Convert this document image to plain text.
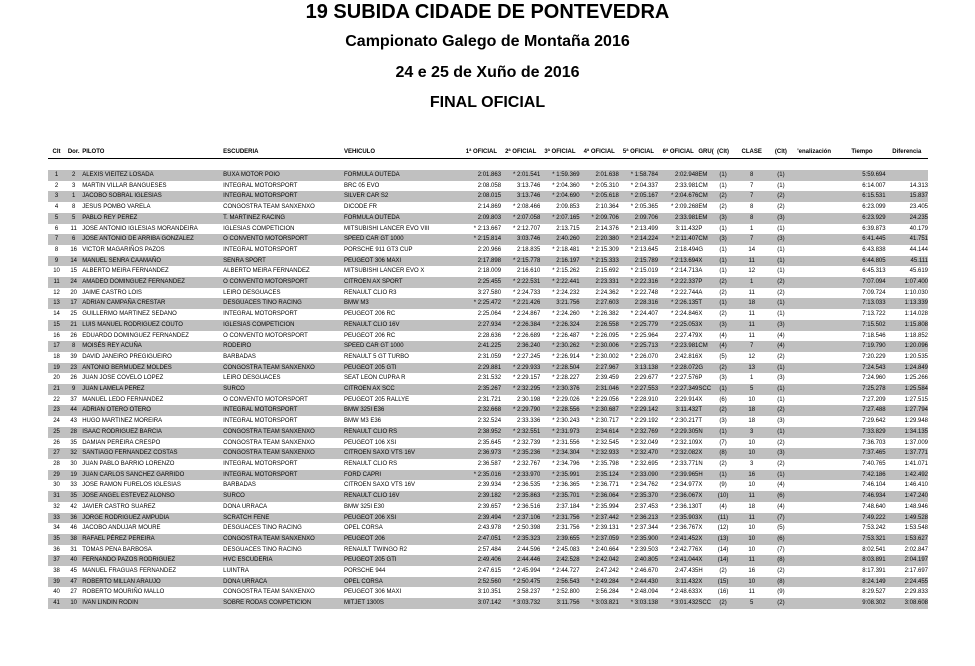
19 SUBIDA CIDADE DE PONTEVEDRA
Campionato Galego de Montaña 2016
24 e 25 de Xuño de 2016
FINAL OFICIAL
Clt	Dor.	PILOTO	ESCUDERIA	VEHICULO	1ª OFICIAL	2ª OFICIAL	3ª OFICIAL	4ª OFICIAL	5ª OFICIAL	6ª OFICIAL	GRU(	(Clt)	CLASE	(Clt)	'enalización	Tiempo	Diferencia

1	2	ALEXIS VIEITEZ LOSADA	BUXA MOTOR POIO	FORMULA OUTEDA	2:01.863	* 2:01.541	* 1:59.369	2:01.638	* 1:58.784	2:02.948	EM	(1)	8	(1)		5:59.694	
2	3	MARTIN VILLAR BANGUESES	INTEGRAL MOTORSPORT	BRC 05 EVO	2:08.058	3:13.746	* 2:04.360	* 2:05.310	* 2:04.337	2:33.981	CM	(1)	7	(1)		6:14.007	14.313
3	1	JACOBO SOBRAL IGLESIAS	INTEGRAL MOTORSPORT	SILVER CAR S2	2:08.015	3:13.746	* 2:04.690	* 2:05.618	* 2:05.167	* 2:04.676	CM	(2)	7	(2)		6:15.531	15.837
4	8	JESUS POMBO VARELA	CONGOSTRA TEAM SANXENXO	DICODE FR	2:14.869	* 2:08.466	2:09.853	2:10.364	* 2:05.365	* 2:09.268	EM	(2)	8	(2)		6:23.099	23.405
5	5	PABLO REY PEREZ	T. MARTINEZ RACING	FORMULA OUTEDA	2:09.803	* 2:07.058	* 2:07.165	* 2:09.706	2:09.706	2:33.981	EM	(3)	8	(3)		6:23.929	24.235
6	11	JOSE ANTONIO IGLESIAS MORANDEIRA	IGLESIAS COMPETICION	MITSUBISHI LANCER EVO VIII	* 2:13.667	* 2:12.707	2:13.715	2:14.376	* 2:13.499	3:11.432	P	(1)	1	(1)		6:39.873	40.179
7	6	JOSE ANTONIO DE ARRIBA GONZALEZ	O CONVENTO MOTORSPORT	SPEED CAR GT 1000	* 2:15.814	3:03.746	2:40.260	2:20.380	* 2:14.224	* 2:11.407	CM	(3)	7	(3)		6:41.445	41.751
8	16	VICTOR MAGARIÑOS PAZOS	INTEGRAL MOTORSPORT	PORSCHE 911 GT3 CUP	2:20.966	2:18.835	* 2:18.481	* 2:15.309	* 2:13.645	2:18.494	G	(1)	14	(1)		6:43.838	44.144
9	14	MANUEL SENRA CAAMAÑO	SENRA SPORT	PEUGEOT 306 MAXI	2:17.898	* 2:15.778	2:16.197	* 2:15.333	2:15.789	* 2:13.694	X	(1)	11	(1)		6:44.805	45.111
10	15	ALBERTO MEIRA FERNANDEZ	ALBERTO MEIRA FERNANDEZ	MITSUBISHI LANCER EVO X	2:18.009	2:16.610	* 2:15.262	2:15.692	* 2:15.019	* 2:14.713	A	(1)	12	(1)		6:45.313	45.619
11	24	AMADEO DOMINGUEZ FERNANDEZ	O CONVENTO MOTORSPORT	CITROEN AX SPORT	2:25.455	* 2:22.531	* 2:22.441	2:23.331	* 2:22.316	* 2:22.337	P	(2)	1	(2)		7:07.094	1:07.400
12	20	JAIME CASTRO LOIS	LEIRO DESGUACES	RENAULT CLIO R3	3:27.580	* 2:24.733	* 2:24.232	2:24.362	* 2:22.748	* 2:22.744	A	(2)	11	(2)		7:09.724	1:10.030
13	17	ADRIAN CAMPAÑA CRESTAR	DESGUACES TINO RACING	BMW M3	* 2:25.472	* 2:21.426	3:21.756	2:27.603	2:28.316	* 2:26.135	T	(1)	18	(1)		7:13.033	1:13.339
14	25	GUILLERMO MARTINEZ SEDANO	INTEGRAL MOTORSPORT	PEUGEOT 206 RC	2:25.064	* 2:24.867	* 2:24.260	* 2:26.382	* 2:24.407	* 2:24.846	X	(2)	11	(1)		7:13.722	1:14.028
15	21	LUIS MANUEL RODRIGUEZ COUTO	IGLESIAS COMPETICION	RENAULT CLIO 16V	2:27.934	* 2:26.384	* 2:26.324	2:26.558	* 2:25.779	* 2:25.053	X	(3)	11	(3)		7:15.502	1:15.808
16	26	EDUARDO DOMINGUEZ FERNANDEZ	O CONVENTO MOTORSPORT	PEUGEOT 206 RC	2:28.636	* 2:26.689	* 2:26.487	* 2:26.095	* 2:25.964	2:27.479	X	(4)	11	(4)		7:18.546	1:18.852
17	8	MOISÉS REY ACUÑA	RODEIRO	SPEED CAR GT 1000	2:41.225	2:36.240	* 2:30.262	* 2:30.006	* 2:25.713	* 2:23.981	CM	(4)	7	(4)		7:19.790	1:20.096
18	39	DAVID JANEIRO PREGIGUEIRO	BARBADAS	RENAULT 5 GT TURBO	2:31.059	* 2:27.245	* 2:26.914	* 2:30.002	* 2:26.070	2:42.816	X	(5)	12	(2)		7:20.229	1:20.535
19	23	ANTONIO BERMUDEZ MOLDES	CONGOSTRA TEAM SANXENXO	PEUGEOT 205 GTI	2:29.881	* 2:29.933	* 2:28.504	2:27.967	3:13.138	* 2:28.072	G	(2)	13	(1)		7:24.543	1:24.849
20	26	JUAN JOSE COVELO LOPEZ	LEIRO DESGUACES	SEAT LEON CUPRA R	2:31.532	* 2:29.157	* 2:28.227	2:39.459	2:29.677	* 2:27.576	P	(3)	1	(3)		7:24.960	1:25.266
21	9	JUAN LAMELA PEREZ	SURCO	CITROEN AX SCC	2:35.267	* 2:32.295	* 2:30.376	2:31.046	* 2:27.553	* 2:27.349	SCC	(1)	5	(1)		7:25.278	1:25.584
22	37	MANUEL LEDO FERNANDEZ	O CONVENTO MOTORSPORT	PEUGEOT 205 RALLYE	2:31.721	2:30.198	* 2:29.026	* 2:29.056	* 2:28.910	2:29.914	X	(6)	10	(1)		7:27.209	1:27.515
23	44	ADRIAN OTERO OTERO	INTEGRAL MOTORSPORT	BMW 325I E36	2:32.668	* 2:29.790	* 2:28.556	* 2:30.687	* 2:29.142	3:11.432	T	(2)	18	(2)		7:27.488	1:27.794
24	43	HUGO MARTINEZ MOREIRA	INTEGRAL MOTORSPORT	BMW M3 E36	2:32.524	2:33.336	* 2:30.243	* 2:30.717	* 2:29.192	* 2:30.217	T	(3)	18	(3)		7:29.642	1:29.948
25	28	ISAAC RODRIGUEZ BARCIA	CONGOSTRA TEAM SANXENXO	RENAULT CLIO RS	2:38.952	* 2:32.551	* 2:31.973	2:34.614	* 2:32.769	* 2:29.305	N	(1)	3	(1)		7:33.829	1:34.135
26	35	DAMIAN PEREIRA CRESPO	CONGOSTRA TEAM SANXENXO	PEUGEOT 106 XSI	2:35.645	* 2:32.739	* 2:31.556	* 2:32.545	* 2:32.049	* 2:32.109	X	(7)	10	(2)		7:36.703	1:37.009
27	32	SANTIAGO FERNANDEZ COSTAS	CONGOSTRA TEAM SANXENXO	CITROEN SAXO VTS 16V	2:36.973	* 2:35.236	* 2:34.304	* 2:32.933	* 2:32.470	* 2:32.082	X	(8)	10	(3)		7:37.465	1:37.771
28	30	JUAN PABLO BARRIO LORENZO	INTEGRAL MOTORSPORT	RENAULT CLIO RS	2:36.587	* 2:32.767	* 2:34.796	* 2:35.798	* 2:32.695	* 2:33.771	N	(2)	3	(2)		7:40.765	1:41.071
29	19	JUAN CARLOS SANCHEZ GARRIDO	INTEGRAL MOTORSPORT	FORD CAPRI	* 2:35.016	* 2:33.970	* 2:35.991	2:35.124	* 2:33.090	* 2:39.965	H	(1)	16	(1)		7:42.186	1:42.492
30	33	JOSE RAMON FURELOS IGLESIAS	BARBADAS	CITROEN SAXO VTS 16V	2:39.934	* 2:36.535	* 2:36.365	* 2:36.771	* 2:34.762	* 2:34.977	X	(9)	10	(4)		7:46.104	1:46.410
31	35	JOSE ANGEL ESTEVEZ ALONSO	SURCO	RENAULT CLIO 16V	2:39.182	* 2:35.863	* 2:35.701	* 2:36.064	* 2:35.370	* 2:36.067	X	(10)	11	(6)		7:46.934	1:47.240
32	42	JAVIER CASTRO SUAREZ	DONA URRACA	BMW 325I E30	2:39.657	* 2:36.516	2:37.184	* 2:35.994	2:37.453	* 2:36.130	T	(4)	18	(4)		7:48.640	1:48.946
33	36	JORGE RODRIGUEZ AMPUDIA	SCRATCH FENE	PEUGEOT 206 XSI	2:39.494	* 2:37.106	* 2:31.756	* 2:37.442	* 2:36.213	* 2:35.903	X	(11)	11	(7)		7:49.222	1:49.528
34	46	JACOBO ANDUJAR MOURE	DESGUACES TINO RACING	OPEL CORSA	2:43.978	* 2:50.398	2:31.756	* 2:39.131	* 2:37.344	* 2:36.767	X	(12)	10	(5)		7:53.242	1:53.548
35	38	RAFAEL PÉREZ PEREIRA	CONGOSTRA TEAM SANXENXO	PEUGEOT 206	2:47.051	* 2:35.323	2:39.655	* 2:37.059	* 2:35.900	* 2:41.452	X	(13)	10	(6)		7:53.321	1:53.627
36	31	TOMAS PENA BARBOSA	DESGUACES TINO RACING	RENAULT TWINGO R2	2:57.484	2:44.596	* 2:45.083	* 2:40.664	* 2:39.503	* 2:42.776	X	(14)	10	(7)		8:02.541	2:02.847
37	40	FERNANDO PAZOS RODRIGUEZ	HVC ESCUDERIA	PEUGEOT 205 GTI	2:49.406	2:44.446	2:42.528	* 2:42.042	2:40.805	* 2:41.044	X	(14)	11	(8)		8:03.891	2:04.197
38	45	MANUEL FRAGUAS FERNANDEZ	LUINTRA	PORSCHE 944	2:47.615	* 2:45.994	* 2:44.727	2:47.242	* 2:46.670	2:47.435	H	(2)	16	(2)		8:17.391	2:17.697
39	47	ROBERTO MILLAN ARAUJO	DONA URRACA	OPEL CORSA	2:52.560	* 2:50.475	2:56.543	* 2:49.284	* 2:44.430	3:11.432	X	(15)	10	(8)		8:24.149	2:24.455
40	27	ROBERTO MOURIÑO MALLO	CONGOSTRA TEAM SANXENXO	PEUGEOT 306 MAXI	3:10.351	2:58.237	* 2:52.800	2:56.284	* 2:48.094	* 2:48.633	X	(16)	11	(9)		8:29.527	2:29.833
41	10	IVAN LINDIN RODIN	SOBRE RODAS COMPETICION	MITJET 1300S	3:07.142	* 3:03.732	3:11.756	* 3:03.821	* 3:03.138	* 3:01.432	SCC	(2)	5	(2)		9:08.302	3:08.608
